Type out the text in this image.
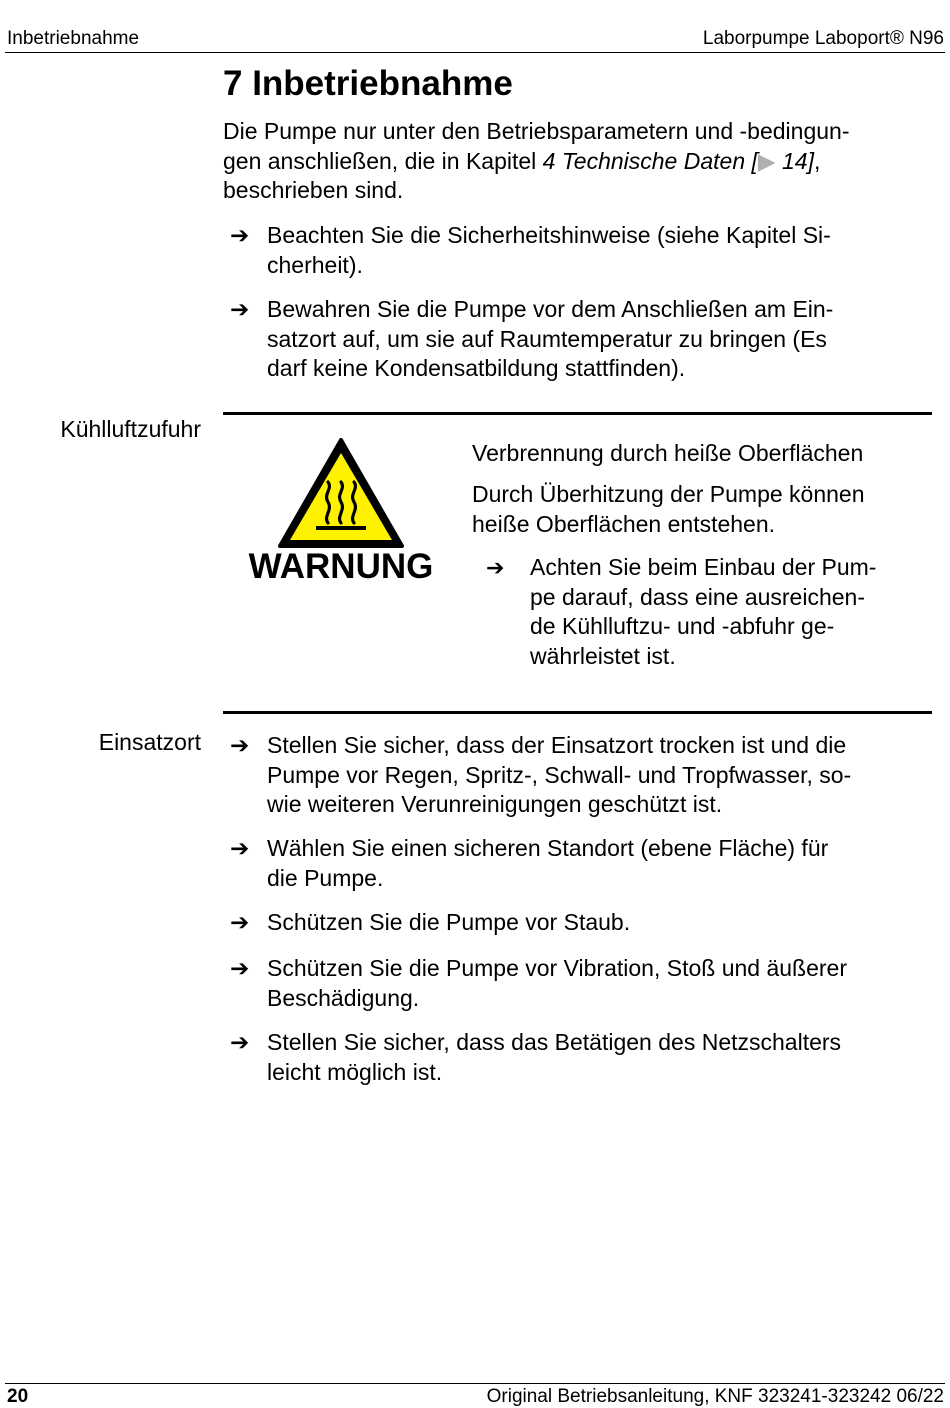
Inbetriebnahme	Laborpumpe Laboport® N96
7 Inbetriebnahme
Die Pumpe nur unter den Betriebsparametern und -bedingun-
gen anschließen, die in Kapitel 4 Technische Daten [▶ 14],
beschrieben sind.
➔ Beachten Sie die Sicherheitshinweise (siehe Kapitel Si-
cherheit).
➔ Bewahren Sie die Pumpe vor dem Anschließen am Ein-
satzort auf, um sie auf Raumtemperatur zu bringen (Es
darf keine Kondensatbildung stattfinden).
Kühlluftzufuhr
WARNUNG
Verbrennung durch heiße Oberflächen
Durch Überhitzung der Pumpe können
heiße Oberflächen entstehen.
➔ Achten Sie beim Einbau der Pum-
pe darauf, dass eine ausreichen-
de Kühlluftzu- und -abfuhr ge-
währleistet ist.
Einsatzort ➔ Stellen Sie sicher, dass der Einsatzort trocken ist und die
Pumpe vor Regen, Spritz-, Schwall- und Tropfwasser, so-
wie weiteren Verunreinigungen geschützt ist.
➔ Wählen Sie einen sicheren Standort (ebene Fläche) für
die Pumpe.
➔ Schützen Sie die Pumpe vor Staub.
➔ Schützen Sie die Pumpe vor Vibration, Stoß und äußerer
Beschädigung.
➔ Stellen Sie sicher, dass das Betätigen des Netzschalters
leicht möglich ist.
20	Original Betriebsanleitung, KNF 323241-323242 06/22
